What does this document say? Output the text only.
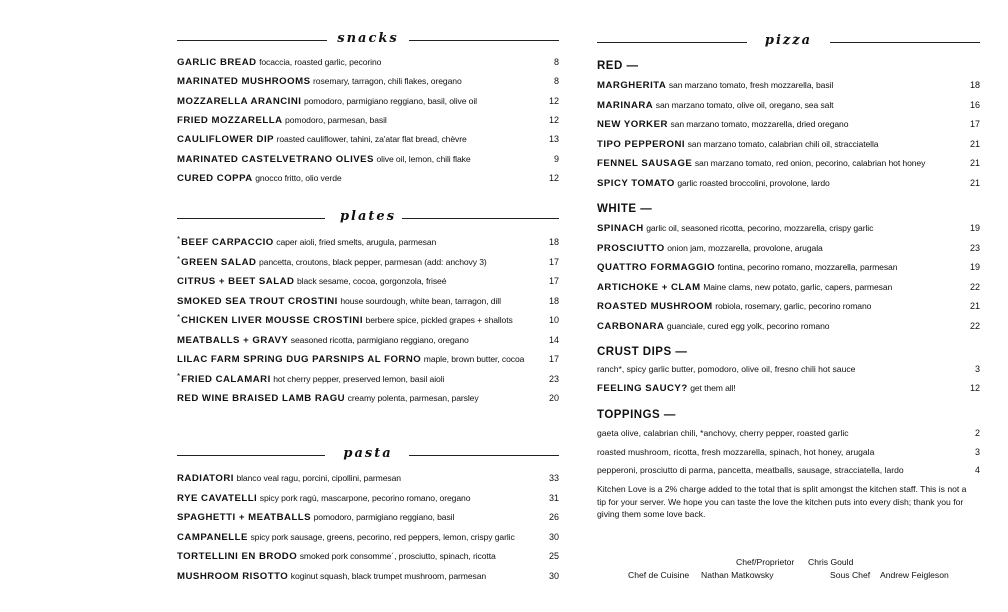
snacks
GARLIC BREAD focaccia, roasted garlic, pecorino	8
MARINATED MUSHROOMS rosemary, tarragon, chili flakes, oregano	8
MOZZARELLA ARANCINI pomodoro, parmigiano reggiano, basil, olive oil	12
FRIED MOZZARELLA pomodoro, parmesan, basil	12
CAULIFLOWER DIP roasted cauliflower, tahini, za'atar flat bread, chèvre	13
MARINATED CASTELVETRANO OLIVES olive oil, lemon, chili flake	9
CURED COPPA gnocco fritto, olio verde	12
plates
*BEEF CARPACCIO caper aioli, fried smelts, arugula, parmesan	18
*GREEN SALAD pancetta, croutons, black pepper, parmesan (add: anchovy 3)	17
CITRUS + BEET SALAD black sesame, cocoa, gorgonzola, friseé	17
SMOKED SEA TROUT CROSTINI house sourdough, white bean, tarragon, dill	18
*CHICKEN LIVER MOUSSE CROSTINI berbere spice, pickled grapes + shallots	10
MEATBALLS + GRAVY seasoned ricotta, parmigiano reggiano, oregano	14
LILAC FARM SPRING DUG PARSNIPS AL FORNO maple, brown butter, cocoa	17
*FRIED CALAMARI hot cherry pepper, preserved lemon, basil aioli	23
RED WINE BRAISED LAMB RAGU creamy polenta, parmesan, parsley	20
pasta
RADIATORI blanco veal ragu, porcini, cipollini, parmesan	33
RYE CAVATELLI spicy pork ragù, mascarpone, pecorino romano, oregano	31
SPAGHETTI + MEATBALLS pomodoro, parmigiano reggiano, basil	26
CAMPANELLE spicy pork sausage, greens, pecorino, red peppers, lemon, crispy garlic	30
TORTELLINI EN BRODO smoked pork consomme´, prosciutto, spinach, ricotta	25
MUSHROOM RISOTTO koginut squash, black trumpet mushroom, parmesan	30
pizza
RED —
MARGHERITA san marzano tomato, fresh mozzarella, basil	18
MARINARA san marzano tomato, olive oil, oregano, sea salt	16
NEW YORKER san marzano tomato, mozzarella, dried oregano	17
TIPO PEPPERONI san marzano tomato, calabrian chili oil, stracciatella	21
FENNEL SAUSAGE san marzano tomato, red onion, pecorino, calabrian hot honey	21
SPICY TOMATO garlic roasted broccolini, provolone, lardo	21
WHITE —
SPINACH garlic oil, seasoned ricotta, pecorino, mozzarella, crispy garlic	19
PROSCIUTTO onion jam, mozzarella, provolone, arugala	23
QUATTRO FORMAGGIO fontina, pecorino romano, mozzarella, parmesan	19
ARTICHOKE + CLAM Maine clams, new potato, garlic, capers, parmesan	22
ROASTED MUSHROOM robiola, rosemary, garlic, pecorino romano	21
CARBONARA guanciale, cured egg yolk, pecorino romano	22
CRUST DIPS —
ranch*, spicy garlic butter, pomodoro, olive oil, fresno chili hot sauce	3
FEELING SAUCY? get them all!	12
TOPPINGS —
gaeta olive, calabrian chili, *anchovy, cherry pepper, roasted garlic	2
roasted mushroom, ricotta, fresh mozzarella, spinach, hot honey, arugala	3
pepperoni, prosciutto di parma, pancetta, meatballs, sausage, stracciatella, lardo	4
Kitchen Love is a 2% charge added to the total that is split amongst the kitchen staff. This is not a tip for your server. We hope you can taste the love the kitchen puts into every dish; thank you for giving them some love back.
Chef/Proprietor Chris Gould
Chef de Cuisine Nathan Matkowsky	Sous Chef Andrew Feigleson
